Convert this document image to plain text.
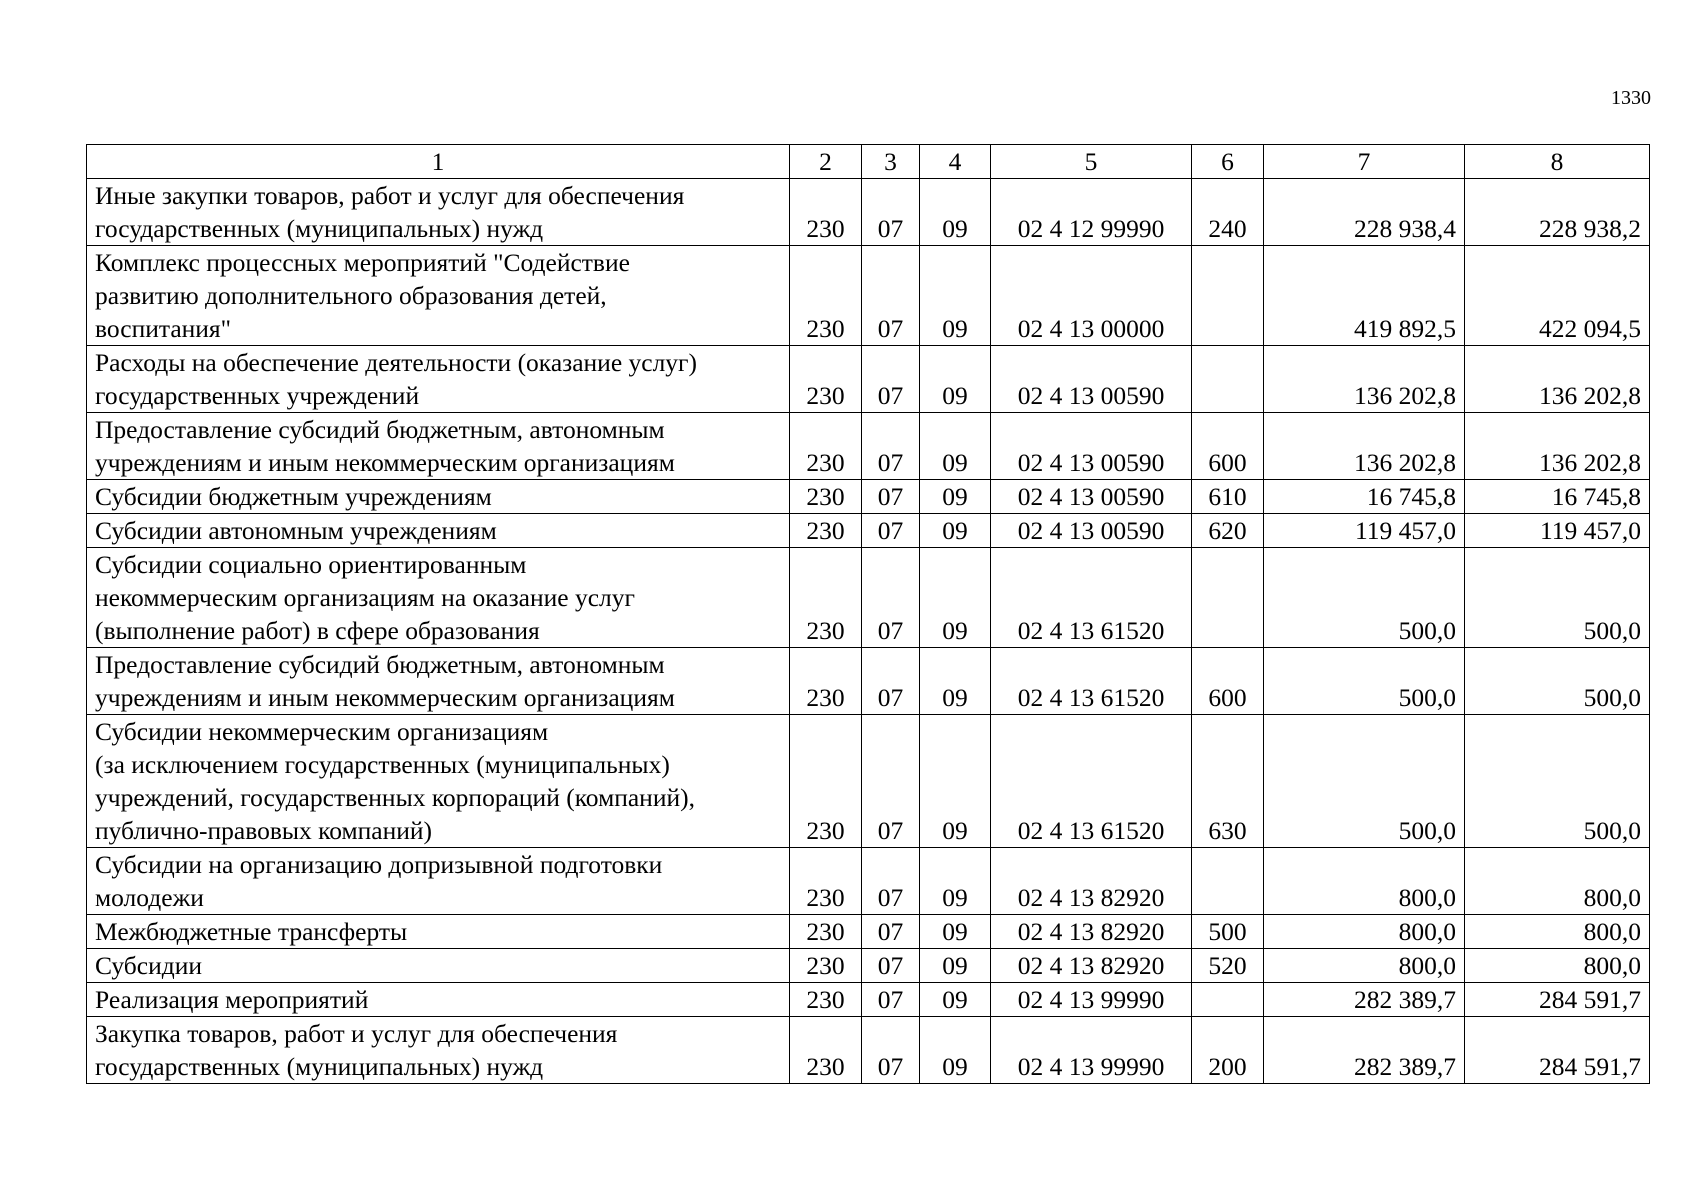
1330
1	2	3	4	5	6	7	8

Иные закупки товаров, работ и услуг для обеспечения
государственных (муниципальных) нужд	230	07	09	02 4 12 99990	240	228 938,4	228 938,2

Комплекс процессных мероприятий "Содействие
развитию дополнительного образования детей,
воспитания"	230	07	09	02 4 13 00000		419 892,5	422 094,5

Расходы на обеспечение деятельности (оказание услуг)
государственных учреждений	230	07	09	02 4 13 00590		136 202,8	136 202,8

Предоставление субсидий бюджетным, автономным
учреждениям и иным некоммерческим организациям	230	07	09	02 4 13 00590	600	136 202,8	136 202,8

Субсидии бюджетным учреждениям	230	07	09	02 4 13 00590	610	16 745,8	16 745,8

Субсидии автономным учреждениям	230	07	09	02 4 13 00590	620	119 457,0	119 457,0

Субсидии социально ориентированным
некоммерческим организациям на оказание услуг
(выполнение работ) в сфере образования	230	07	09	02 4 13 61520		500,0	500,0

Предоставление субсидий бюджетным, автономным
учреждениям и иным некоммерческим организациям	230	07	09	02 4 13 61520	600	500,0	500,0

Субсидии некоммерческим организациям
(за исключением государственных (муниципальных)
учреждений, государственных корпораций (компаний),
публично-правовых компаний)	230	07	09	02 4 13 61520	630	500,0	500,0

Субсидии на организацию допризывной подготовки
молодежи	230	07	09	02 4 13 82920		800,0	800,0

Межбюджетные трансферты	230	07	09	02 4 13 82920	500	800,0	800,0

Субсидии	230	07	09	02 4 13 82920	520	800,0	800,0

Реализация мероприятий	230	07	09	02 4 13 99990		282 389,7	284 591,7

Закупка товаров, работ и услуг для обеспечения
государственных (муниципальных) нужд	230	07	09	02 4 13 99990	200	282 389,7	284 591,7
